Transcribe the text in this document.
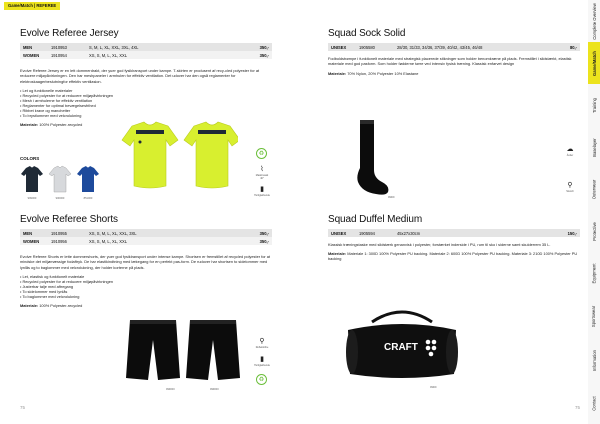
Game/Match | REFEREE
Evolve Referee Jersey
MEN	1910953	S, M, L, XL, XXL, 3XL, 4XL	350,-
WOMEN	1910954	XS, S, M, L, XL, XXL	350,-

Evolve Referee Jersey er en lett dommerdrakt, der yuer god fysiklransport under kampe. T-skirten er produsent af recy-cled polyester for at reducere miljøpåvirkningen. Den har meshpaneler i armhulen for effektiv ventilation. Det udover har den også reglamenter for elektroskaagerbeslutningfor effektiv ventilasion.

• Let og funktionelle materialer
• Recycled polyester for at reducere miljøpåvirkningen
• Mesh i armhulerne for effektiv ventilation
• Reglamenter for optimal bevægelsesfrihed
• Ribbet krave og manchetter
• To brystlommer med velcrolukning

Materiale: 100% Polyester-recycled

♻
⌇
Maskinvask 40°
▮
Hurtigtørkende
COLORS
999000	900000	851000
Evolve Referee Shorts
MEN	1910955	XS, S, M, L, XL, XXL, 3XL	350,-
WOMEN	1910956	XS, S, M, L, XL, XXL	350,-

Evolve Referee Shorts er lette dommershorts, der yuer god fysiklransport under intense kampe. Shortsen er fremstillet af recycled polyester for at mindske det miljømæssige fodaftryk. De har elastikindtning med lækegang for en perfekt pas-form. De rudover har shortsen to sidelommer med lynlås og to baglommer med velcrolukning, der holder korterne på plads.

• Let, elastisk og funktionelt materiale
• Recycled polyester for at reducere miljøpåvirkningen
• Justerbar talje med aftregang
• To sidelommer med lynlås
• To baglommer med velcrolukning

Materiale: 100% Polyester-recycled

999000	999000
⚲
Reflekstribe
▮
Hurtigtørkende
♻
75
Squad Sock Solid
UNISEX	1905580	28/30, 31/33, 34/36, 37/39, 40/42, 43/45, 46/48	80,-

Fodboldstrømpe i funktionelt materiale med strategisk placerede stikninger som holder benomkræne på plads. Fremstillet i slidstærkt, elastisk materiale med god pasform. Som holder fødderne tørre ved intensiv fysisk træning. Klassisk enfarvet design

Materiale: 70% Nylon, 20% Polyester 10% Elastane

999/9
☁
Ånder
⚲
Stretch
Squad Duffel Medium
UNISEX	1905594	45x27x30cm	150,-

Klassisk træningstaske med slidstærk genanvisk i polyester, forstærket inderside i PU, rum til sko i siderne samt skulderrem 35 L.

Materiale: Materiale 1: 300D 100% Polyester PU backing. Materiale 2: 600D 100% Polyester PU backing. Materiale 3: 210D 100% Polyester PU backing

CRAFT
999/9
75
Complete Overview
Game/Match
Training
Baselayer
Outerwear
Protective
Equipment
Sportswear
Information
Contact
